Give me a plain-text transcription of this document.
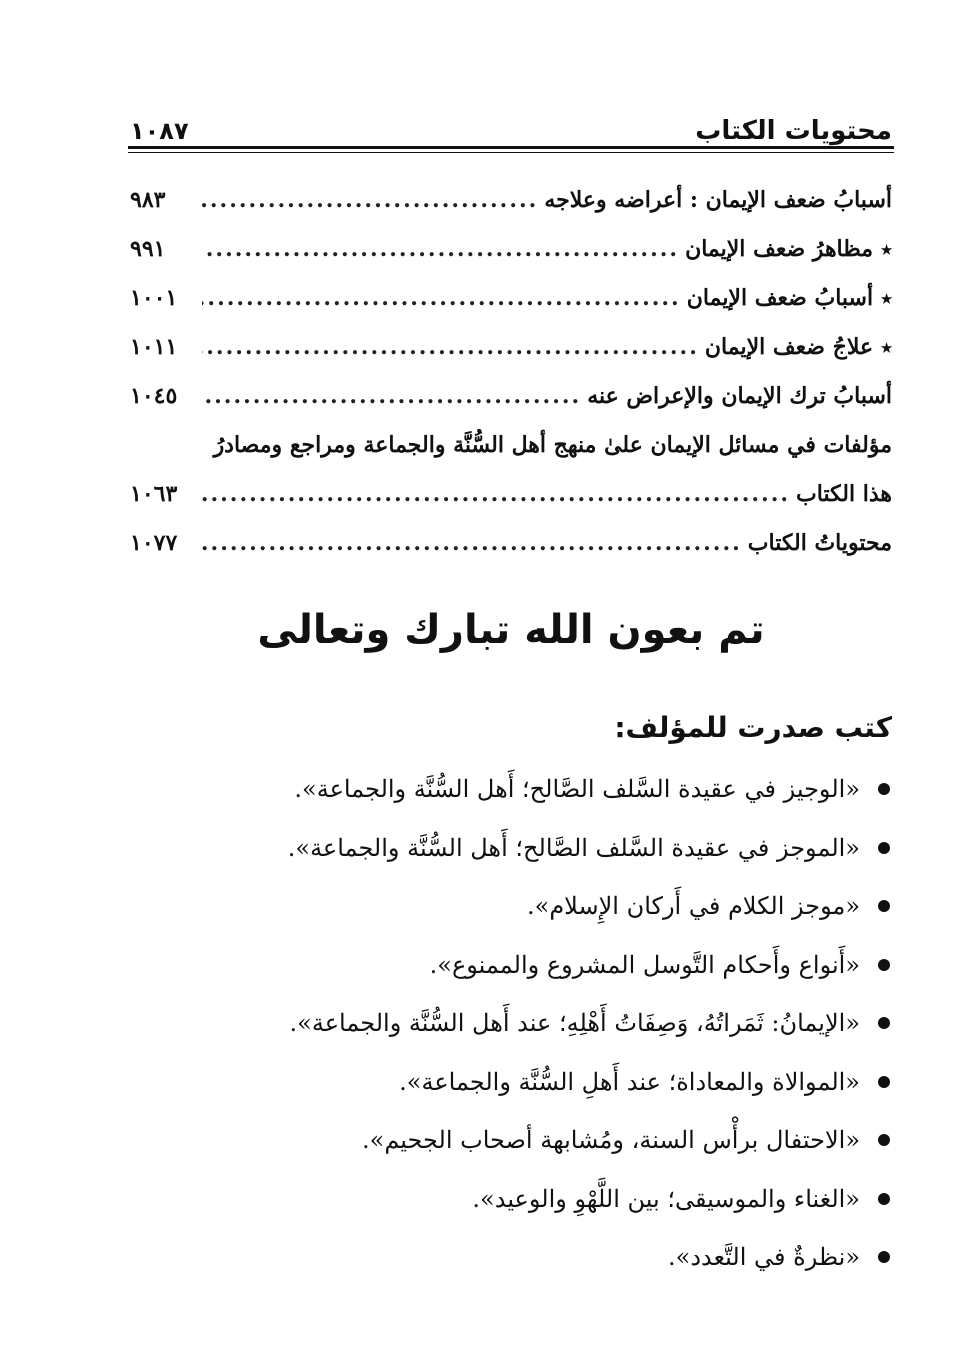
محتويات الكتاب
١٠٨٧
أسبابُ ضعف الإيمان : أعراضه وعلاجه
.....
٩٨٣
٭
مظاهرُ ضعف الإيمان
.....
٩٩١
٭
أسبابُ ضعف الإيمان
.....
١٠٠١
٭
علاجُ ضعف الإيمان
.....
١٠١١
أسبابُ ترك الإيمان والإعراض عنه
.....
١٠٤٥
مؤلفات في مسائل الإيمان علىٰ منهج أهل السُّنَّة والجماعة ومراجع ومصادرُ
هذا الكتاب
.....
١٠٦٣
محتوياتُ الكتاب
.....
١٠٧٧
تم بعون الله تبارك وتعالى
كتب صدرت للمؤلف:
«الوجيز في عقيدة السَّلف الصَّالح؛ أَهل السُّنَّة والجماعة».
«الموجز في عقيدة السَّلف الصَّالح؛ أَهل السُّنَّة والجماعة».
«موجز الكلام في أَركان الإِسلام».
«أَنواع وأَحكام التَّوسل المشروع والممنوع».
«الإيمانُ: ثَمَراتُهُ، وَصِفَاتُ أَهْلِهِ؛ عند أَهل السُّنَّة والجماعة».
«الموالاة والمعاداة؛ عند أَهلِ السُّنَّة والجماعة».
«الاحتفال برأْس السنة، ومُشابهة أصحاب الجحيم».
«الغناء والموسيقى؛ بين اللَّهْوِ والوعيد».
«نظرةٌ في التَّعدد».
